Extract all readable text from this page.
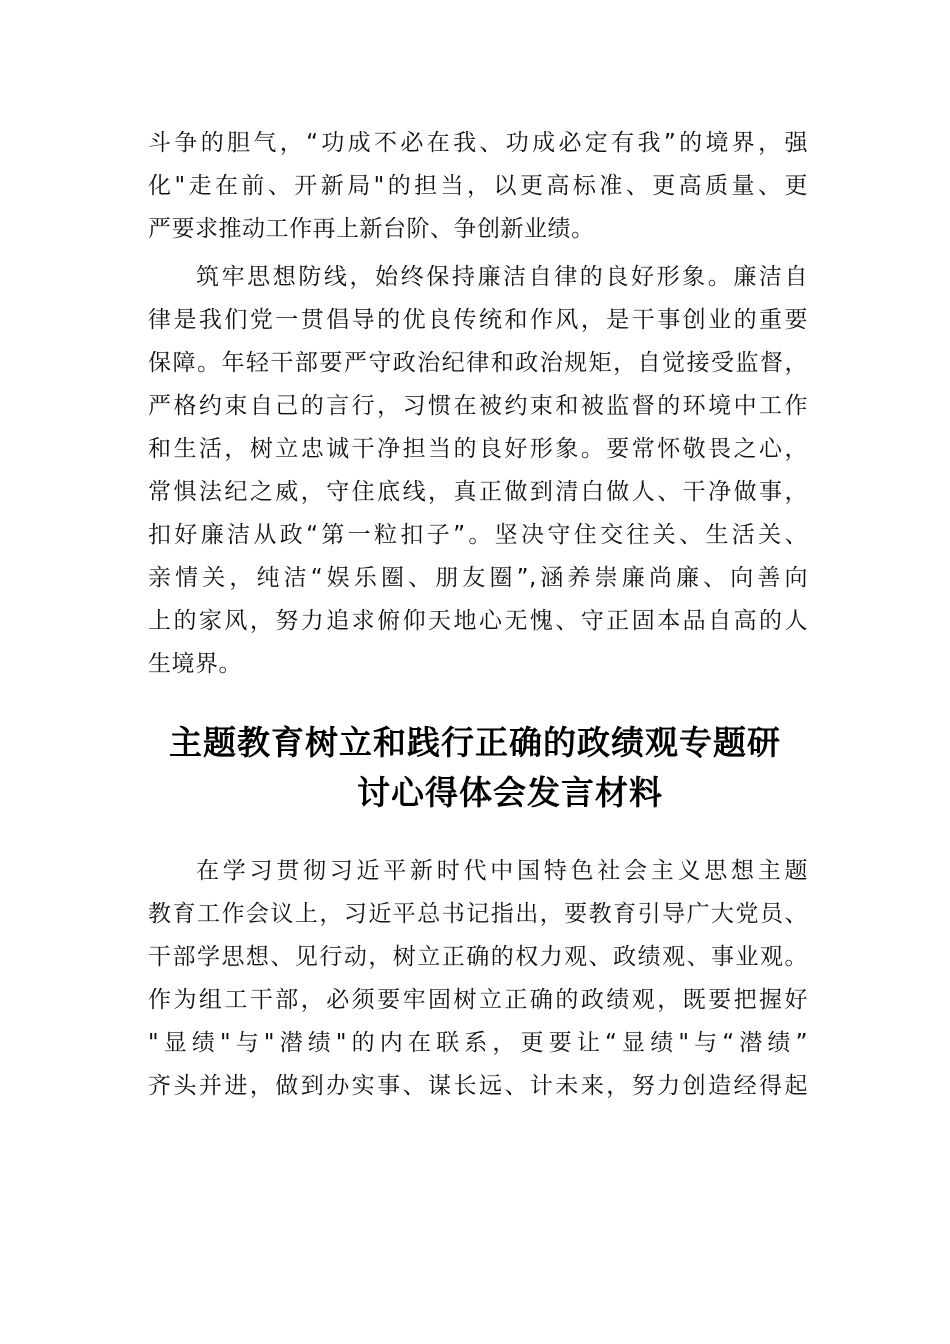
斗争的胆气，“功成不必在我、功成必定有我”的境界，强
化"走在前、开新局"的担当，以更高标准、更高质量、更
严要求推动工作再上新台阶、争创新业绩。
筑牢思想防线，始终保持廉洁自律的良好形象。廉洁自
律是我们党一贯倡导的优良传统和作风，是干事创业的重要
保障。年轻干部要严守政治纪律和政治规矩，自觉接受监督，
严格约束自己的言行，习惯在被约束和被监督的环境中工作
和生活，树立忠诚干净担当的良好形象。要常怀敬畏之心，
常惧法纪之威，守住底线，真正做到清白做人、干净做事，
扣好廉洁从政“第一粒扣子”。坚决守住交往关、生活关、
亲情关，纯洁“娱乐圈、朋友圈”,涵养崇廉尚廉、向善向
上的家风，努力追求俯仰天地心无愧、守正固本品自高的人
生境界。
主题教育树立和践行正确的政绩观专题研
讨心得体会发言材料
在学习贯彻习近平新时代中国特色社会主义思想主题
教育工作会议上，习近平总书记指出，要教育引导广大党员、
干部学思想、见行动，树立正确的权力观、政绩观、事业观。
作为组工干部，必须要牢固树立正确的政绩观，既要把握好
"显绩"与"潜绩"的内在联系，更要让“显绩"与“潜绩”
齐头并进，做到办实事、谋长远、计未来，努力创造经得起
